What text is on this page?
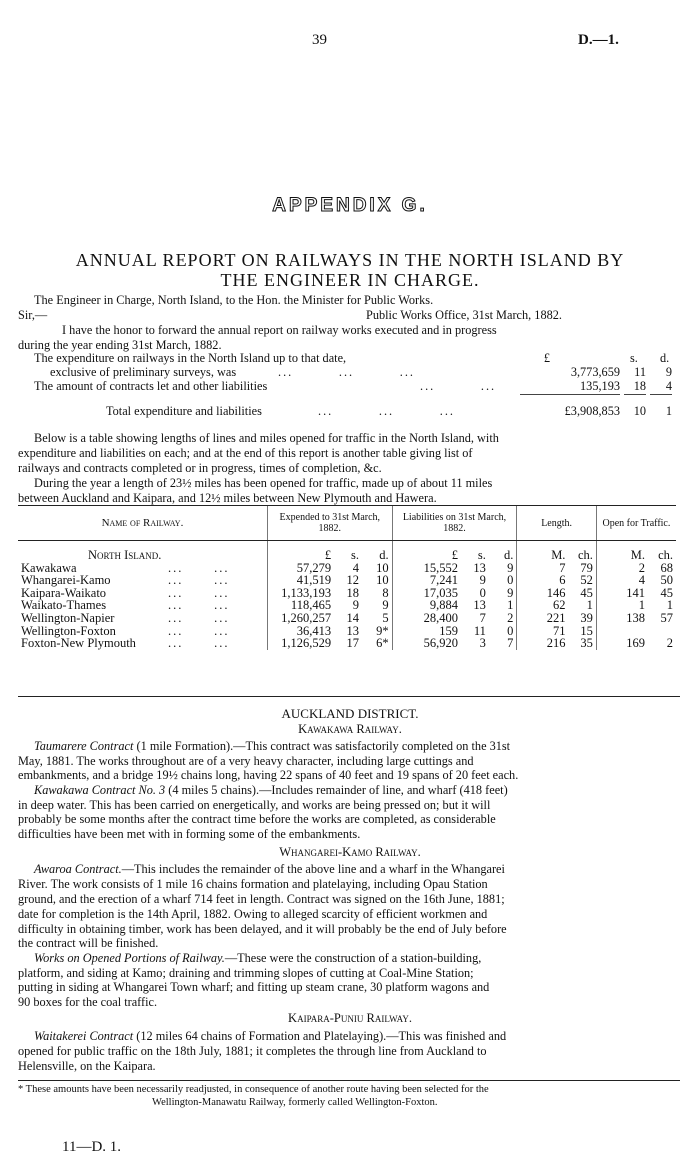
39	D.—1.
APPENDIX G.
ANNUAL REPORT ON RAILWAYS IN THE NORTH ISLAND BY
THE ENGINEER IN CHARGE.
The Engineer in Charge, North Island, to the Hon. the Minister for Public Works.
Sir,—	Public Works Office, 31st March, 1882.
I have the honor to forward the annual report on railway works executed and in progress
during the year ending 31st March, 1882.
£	s. d.
The expenditure on railways in the North Island up to that date,
exclusive of preliminary surveys, was	...         ...         ...	3,773,659	11	9
The amount of contracts let and other liabilities	...         ...	135,193	18	4
Total expenditure and liabilities	...         ...         ...	£3,908,853	10	1
Below is a table showing lengths of lines and miles opened for traffic in the North Island, with
expenditure and liabilities on each; and at the end of this report is another table giving list of
railways and contracts completed or in progress, times of completion, &c.
During the year a length of 23½ miles has been opened for traffic, made up of about 11 miles
between Auckland and Kaipara, and 12½ miles between New Plymouth and Hawera.
Name of Railway.	Expended to 31st March, 1882.			Liabilities on 31st March, 1882.			Length.		Open for Traffic.	

North Island.	£	s.	d.	£	s.	d.	M.	ch.	M.	ch.
Kawakawa ...      ...	57,279	4	10	15,552	13	9	7	79	2	68
Whangarei-Kamo ...      ...	41,519	12	10	7,241	9	0	6	52	4	50
Kaipara-Waikato ...      ...	1,133,193	18	8	17,035	0	9	146	45	141	45
Waikato-Thames ...      ...	118,465	9	9	9,884	13	1	62	1	1	1
Wellington-Napier ...      ...	1,260,257	14	5	28,400	7	2	221	39	138	57
Wellington-Foxton ...      ...	36,413	13	9*	159	11	0	71	15		
Foxton-New Plymouth ...      ...	1,126,529	17	6*	56,920	3	7	216	35	169	2
AUCKLAND DISTRICT.
Kawakawa Railway.
Taumarere Contract (1 mile Formation).—This contract was satisfactorily completed on the 31st
May, 1881. The works throughout are of a very heavy character, including large cuttings and
embankments, and a bridge 19½ chains long, having 22 spans of 40 feet and 19 spans of 20 feet each.
Kawakawa Contract No. 3 (4 miles 5 chains).—Includes remainder of line, and wharf (418 feet)
in deep water. This has been carried on energetically, and works are being pressed on; but it will
probably be some months after the contract time before the works are completed, as considerable
difficulties have been met with in forming some of the embankments.
Whangarei-Kamo Railway.
Awaroa Contract.—This includes the remainder of the above line and a wharf in the Whangarei
River. The work consists of 1 mile 16 chains formation and platelaying, including Opau Station
ground, and the erection of a wharf 714 feet in length. Contract was signed on the 16th June, 1881;
date for completion is the 14th April, 1882. Owing to alleged scarcity of efficient workmen and
difficulty in obtaining timber, work has been delayed, and it will probably be the end of July before
the contract will be finished.
Works on Opened Portions of Railway.—These were the construction of a station-building,
platform, and siding at Kamo; draining and trimming slopes of cutting at Coal-Mine Station;
putting in siding at Whangarei Town wharf; and fitting up steam crane, 30 platform wagons and
90 boxes for the coal traffic.
Kaipara-Puniu Railway.
Waitakerei Contract (12 miles 64 chains of Formation and Platelaying).—This was finished and
opened for public traffic on the 18th July, 1881; it completes the through line from Auckland to
Helensville, on the Kaipara.
* These amounts have been necessarily readjusted, in consequence of another route having been selected for the
Wellington-Manawatu Railway, formerly called Wellington-Foxton.
11—D. 1.
